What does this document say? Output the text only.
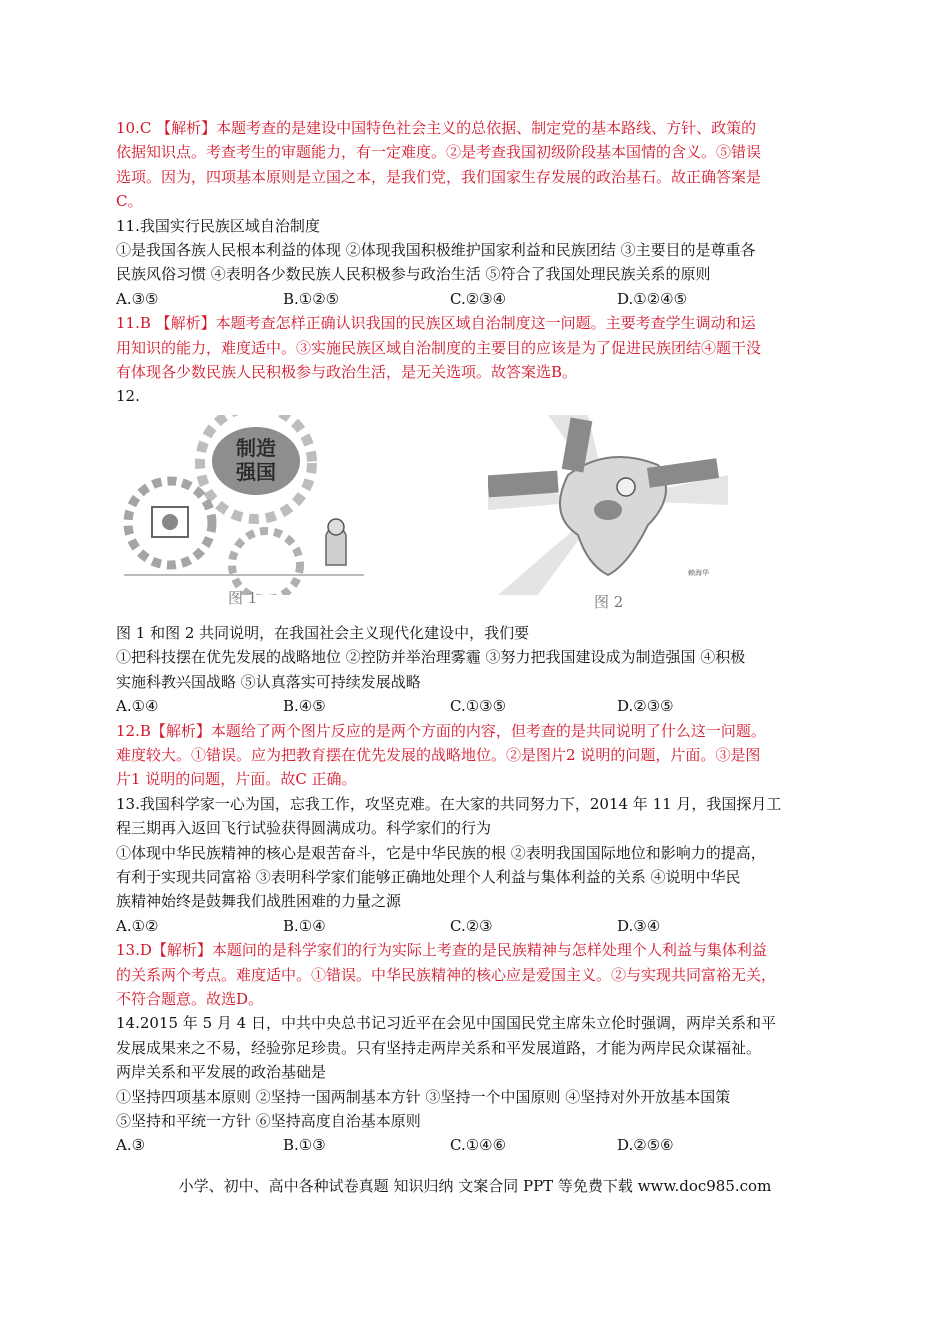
10.C 【解析】本题考查的是建设中国特色社会主义的总依据、制定党的基本路线、方针、政策的
依据知识点。考查考生的审题能力，有一定难度。②是考查我国初级阶段基本国情的含义。⑤错误
选项。因为，四项基本原则是立国之本，是我们党，我们国家生存发展的政治基石。故正确答案是
C。
11.我国实行民族区域自治制度
①是我国各族人民根本利益的体现 ②体现我国积极维护国家利益和民族团结 ③主要目的是尊重各
民族风俗习惯 ④表明各少数民族人民积极参与政治生活 ⑤符合了我国处理民族关系的原则
A.③⑤	B.①②⑤	C.②③④	D.①②④⑤
11.B 【解析】本题考查怎样正确认识我国的民族区域自治制度这一问题。主要考查学生调动和运
用知识的能力，难度适中。③实施民族区域自治制度的主要目的应该是为了促进民族团结④题干没
有体现各少数民族人民积极参与政治生活，是无关选项。故答案选B。
12.
制造
强国
图 1
赖海华
图 2
图 1 和图 2 共同说明，在我国社会主义现代化建设中，我们要
①把科技摆在优先发展的战略地位 ②控防并举治理雾霾 ③努力把我国建设成为制造强国 ④积极
实施科教兴国战略 ⑤认真落实可持续发展战略
A.①④	B.④⑤	C.①③⑤	D.②③⑤
12.B【解析】本题给了两个图片反应的是两个方面的内容，但考查的是共同说明了什么这一问题。
难度较大。①错误。应为把教育摆在优先发展的战略地位。②是图片2 说明的问题，片面。③是图
片1 说明的问题，片面。故C 正确。
13.我国科学家一心为国，忘我工作，攻坚克难。在大家的共同努力下，2014 年 11 月，我国探月工
程三期再入返回飞行试验获得圆满成功。科学家们的行为
①体现中华民族精神的核心是艰苦奋斗，它是中华民族的根 ②表明我国国际地位和影响力的提高，
有利于实现共同富裕 ③表明科学家们能够正确地处理个人利益与集体利益的关系 ④说明中华民
族精神始终是鼓舞我们战胜困难的力量之源
A.①②	B.①④	C.②③	D.③④
13.D【解析】本题问的是科学家们的行为实际上考查的是民族精神与怎样处理个人利益与集体利益
的关系两个考点。难度适中。①错误。中华民族精神的核心应是爱国主义。②与实现共同富裕无关，
不符合题意。故选D。
14.2015 年 5 月 4 日，中共中央总书记习近平在会见中国国民党主席朱立伦时强调，两岸关系和平
发展成果来之不易，经验弥足珍贵。只有坚持走两岸关系和平发展道路，才能为两岸民众谋福祉。
两岸关系和平发展的政治基础是
①坚持四项基本原则 ②坚持一国两制基本方针 ③坚持一个中国原则 ④坚持对外开放基本国策
⑤坚持和平统一方针 ⑥坚持高度自治基本原则
A.③	B.①③	C.①④⑥	D.②⑤⑥
小学、初中、高中各种试卷真题 知识归纳 文案合同 PPT 等免费下载 www.doc985.com
